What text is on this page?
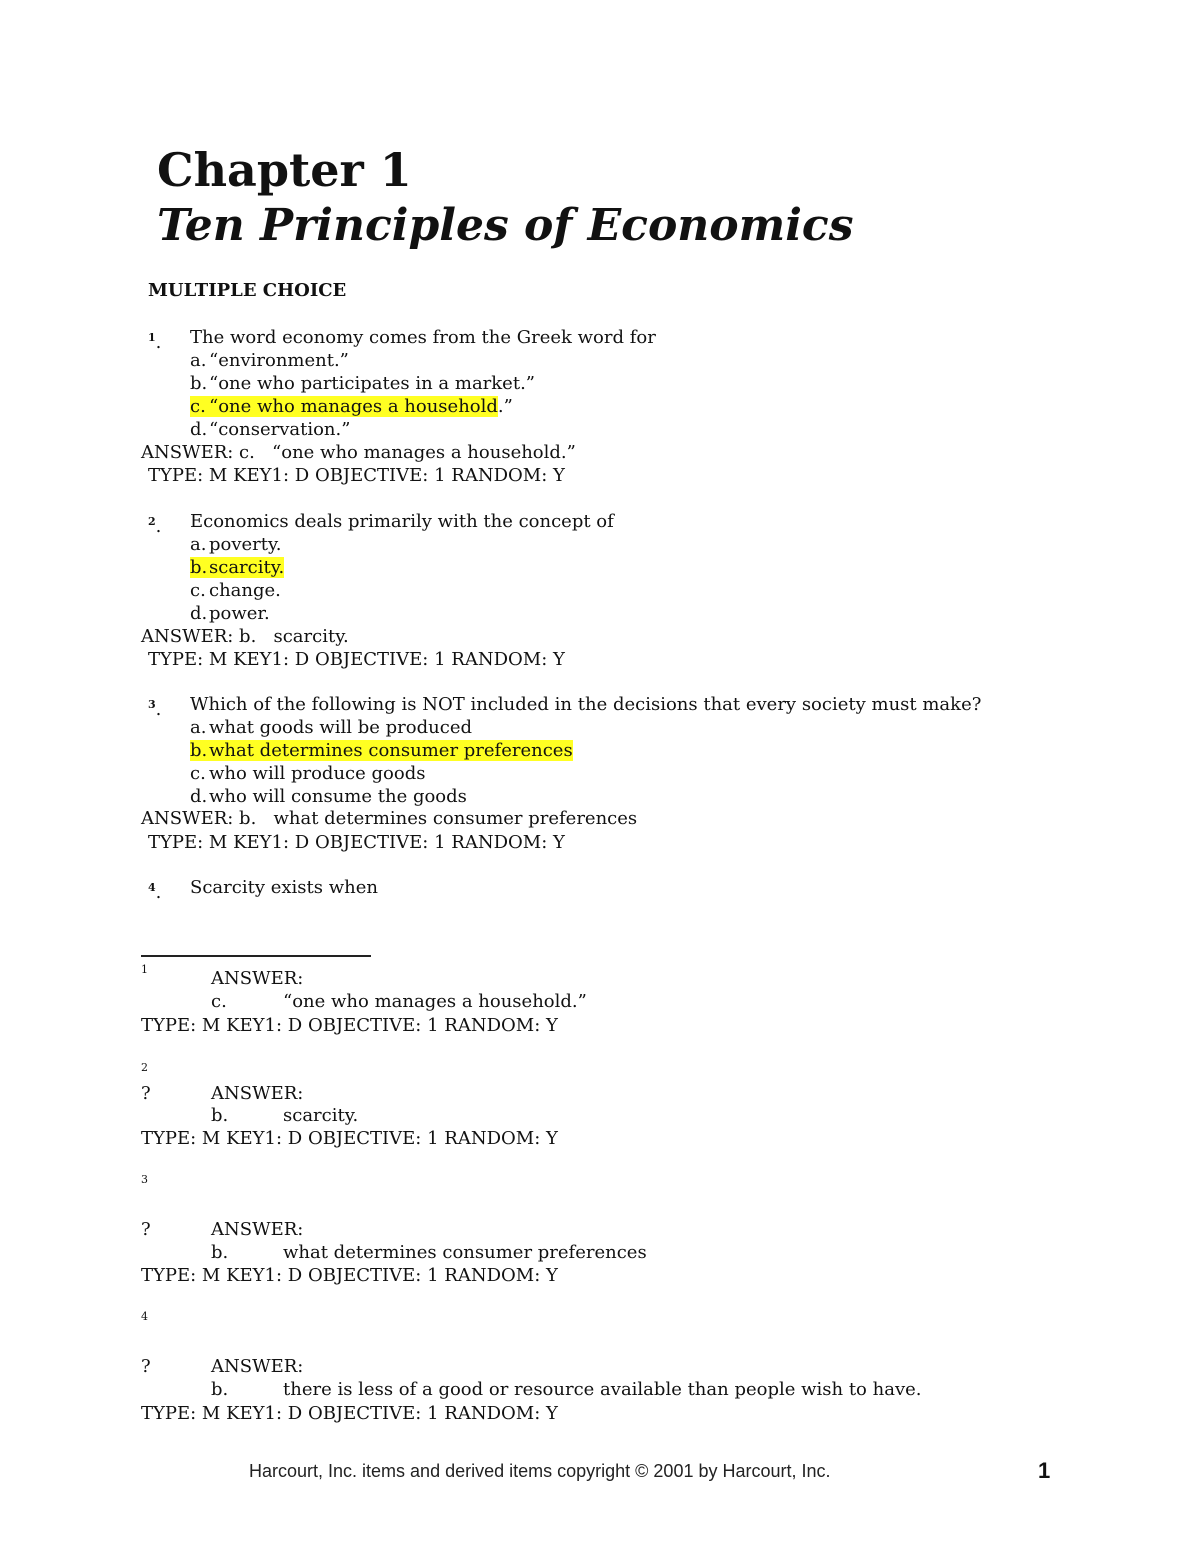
Chapter 1
Ten Principles of Economics
MULTIPLE CHOICE
$^1$. The word economy comes from the Greek word for
a. “environment.”
b.“one who participates in a market.”
c. “one who manages a household.”
d.“conservation.”
ANSWER: c.   “one who manages a household.”
TYPE: M KEY1: D OBJECTIVE: 1 RANDOM: Y
$^2$. Economics deals primarily with the concept of
a. poverty.
b.scarcity.
c. change.
d.power.
ANSWER: b.   scarcity.
TYPE: M KEY1: D OBJECTIVE: 1 RANDOM: Y
$^3$. Which of the following is NOT included in the decisions that every society must make?
a. what goods will be produced
b.what determines consumer preferences
c. who will produce goods
d.who will consume the goods
ANSWER: b.   what determines consumer preferences
TYPE: M KEY1: D OBJECTIVE: 1 RANDOM: Y
$^4$. Scarcity exists when
1	ANSWER:
c.	“one who manages a household.”
TYPE: M KEY1: D OBJECTIVE: 1 RANDOM: Y
2
?	ANSWER:
b.	scarcity.
TYPE: M KEY1: D OBJECTIVE: 1 RANDOM: Y
3
?	ANSWER:
b.	what determines consumer preferences
TYPE: M KEY1: D OBJECTIVE: 1 RANDOM: Y
4
?	ANSWER:
b.	there is less of a good or resource available than people wish to have.
TYPE: M KEY1: D OBJECTIVE: 1 RANDOM: Y
Harcourt, Inc. items and derived items copyright © 2001 by Harcourt, Inc.	1
